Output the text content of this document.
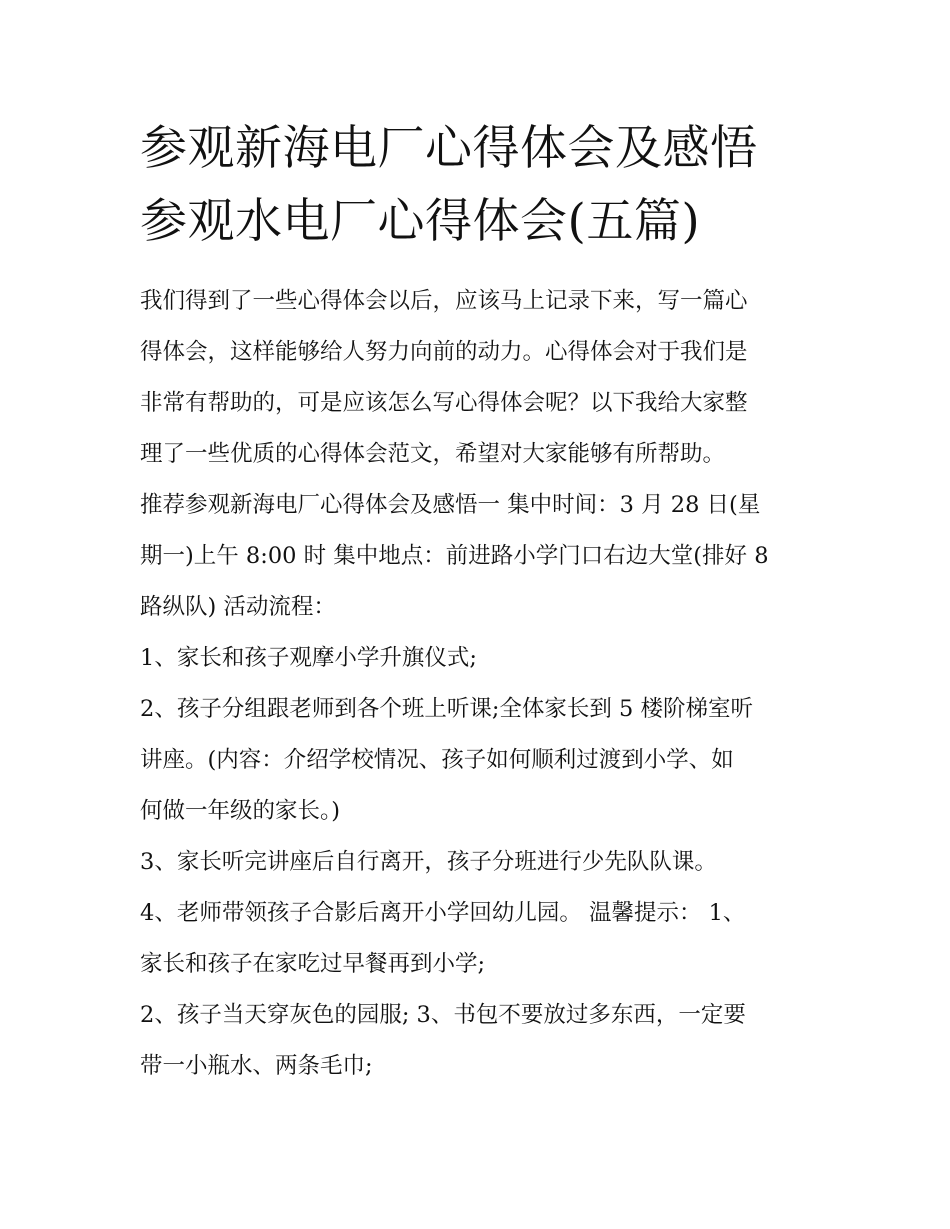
参观新海电厂心得体会及感悟
参观水电厂心得体会(五篇)
我们得到了一些心得体会以后，应该马上记录下来，写一篇心
得体会，这样能够给人努力向前的动力。心得体会对于我们是
非常有帮助的，可是应该怎么写心得体会呢？以下我给大家整
理了一些优质的心得体会范文，希望对大家能够有所帮助。
推荐参观新海电厂心得体会及感悟一 集中时间：3 月 28 日(星
期一)上午 8:00 时 集中地点：前进路小学门口右边大堂(排好 8
路纵队) 活动流程：
1、家长和孩子观摩小学升旗仪式;
2、孩子分组跟老师到各个班上听课;全体家长到 5 楼阶梯室听
讲座。(内容：介绍学校情况、孩子如何顺利过渡到小学、如
何做一年级的家长。)
3、家长听完讲座后自行离开，孩子分班进行少先队队课。
4、老师带领孩子合影后离开小学回幼儿园。 温馨提示： 1、
家长和孩子在家吃过早餐再到小学;
2、孩子当天穿灰色的园服; 3、书包不要放过多东西，一定要
带一小瓶水、两条毛巾;
